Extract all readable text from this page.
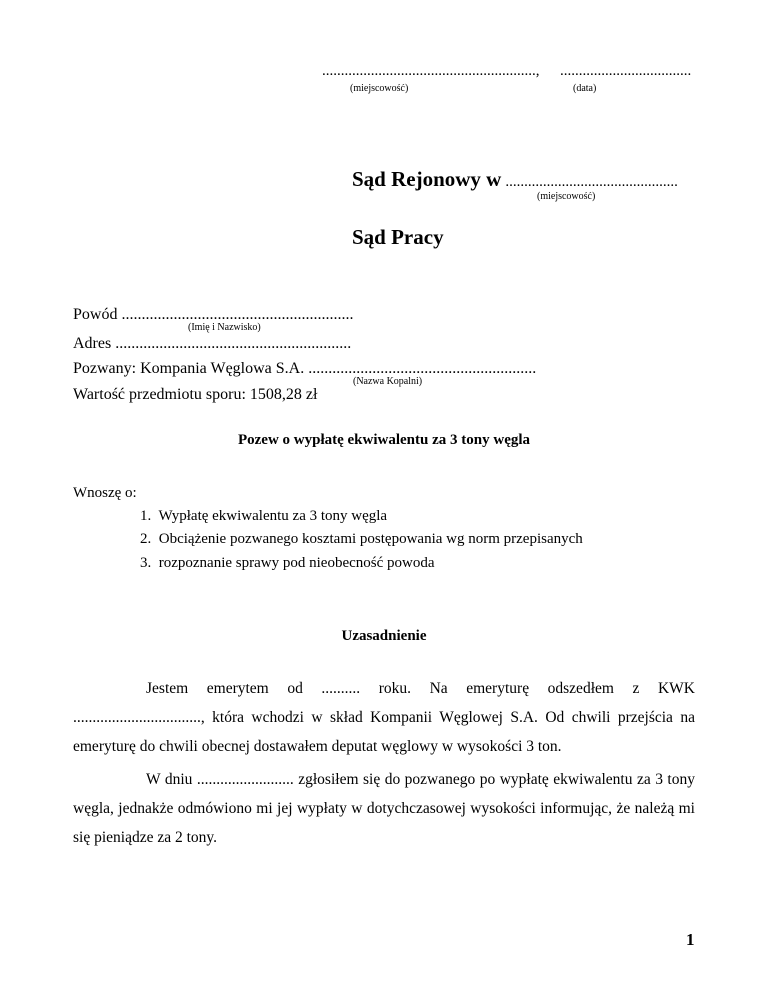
........................................................., ...................................
(miejscowość)	(data)
Sąd Rejonowy w ..............................................
(miejscowość)
Sąd Pracy
Powód ..........................................................
(Imię i Nazwisko)
Adres ...........................................................
Pozwany: Kompania Węglowa S.A. .........................................................
(Nazwa Kopalni)
Wartość przedmiotu sporu: 1508,28 zł
Pozew o wypłatę ekwiwalentu za 3 tony węgla
Wnoszę o:
1. Wypłatę ekwiwalentu za 3 tony węgla
2. Obciążenie pozwanego kosztami postępowania wg norm przepisanych
3. rozpoznanie sprawy pod nieobecność powoda
Uzasadnienie
Jestem emerytem od .......... roku. Na emeryturę odszedłem z KWK ................................., która wchodzi w skład Kompanii Węglowej S.A. Od chwili przejścia na emeryturę do chwili obecnej dostawałem deputat węglowy w wysokości 3 ton.
W dniu ......................... zgłosiłem się do pozwanego po wypłatę ekwiwalentu za 3 tony węgla, jednakże odmówiono mi jej wypłaty w dotychczasowej wysokości informując, że należą mi się pieniądze za 2 tony.
1
